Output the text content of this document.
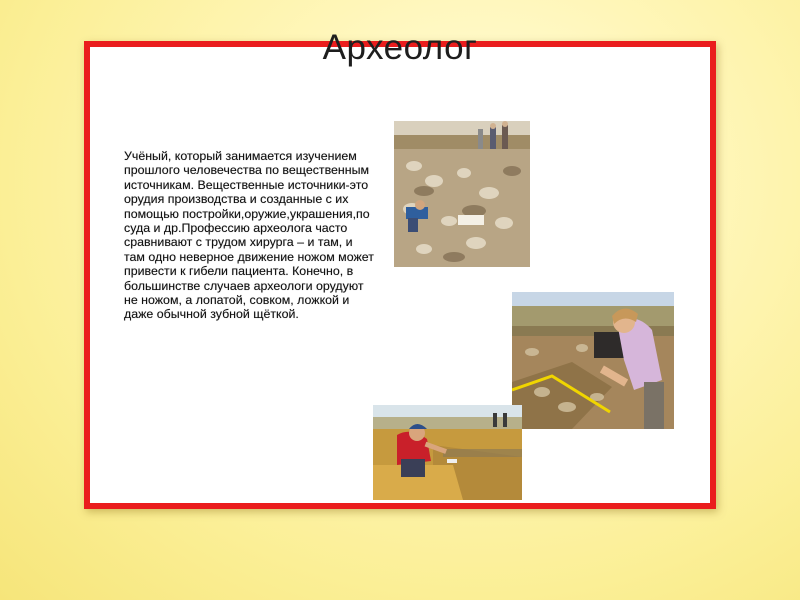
Археолог

Учёный, который занимается изучением прошлого человечества по вещественным источникам. Вещественные источники-это орудия производства и созданные с их помощью постройки,оружие,украшения,по суда и др.Профессию археолога часто сравнивают с трудом хирурга – и там, и там одно неверное движение ножом может привести к гибели пациента. Конечно, в большинстве случаев археологи орудуют не ножом, а лопатой, совком, ложкой и даже обычной зубной щёткой.
